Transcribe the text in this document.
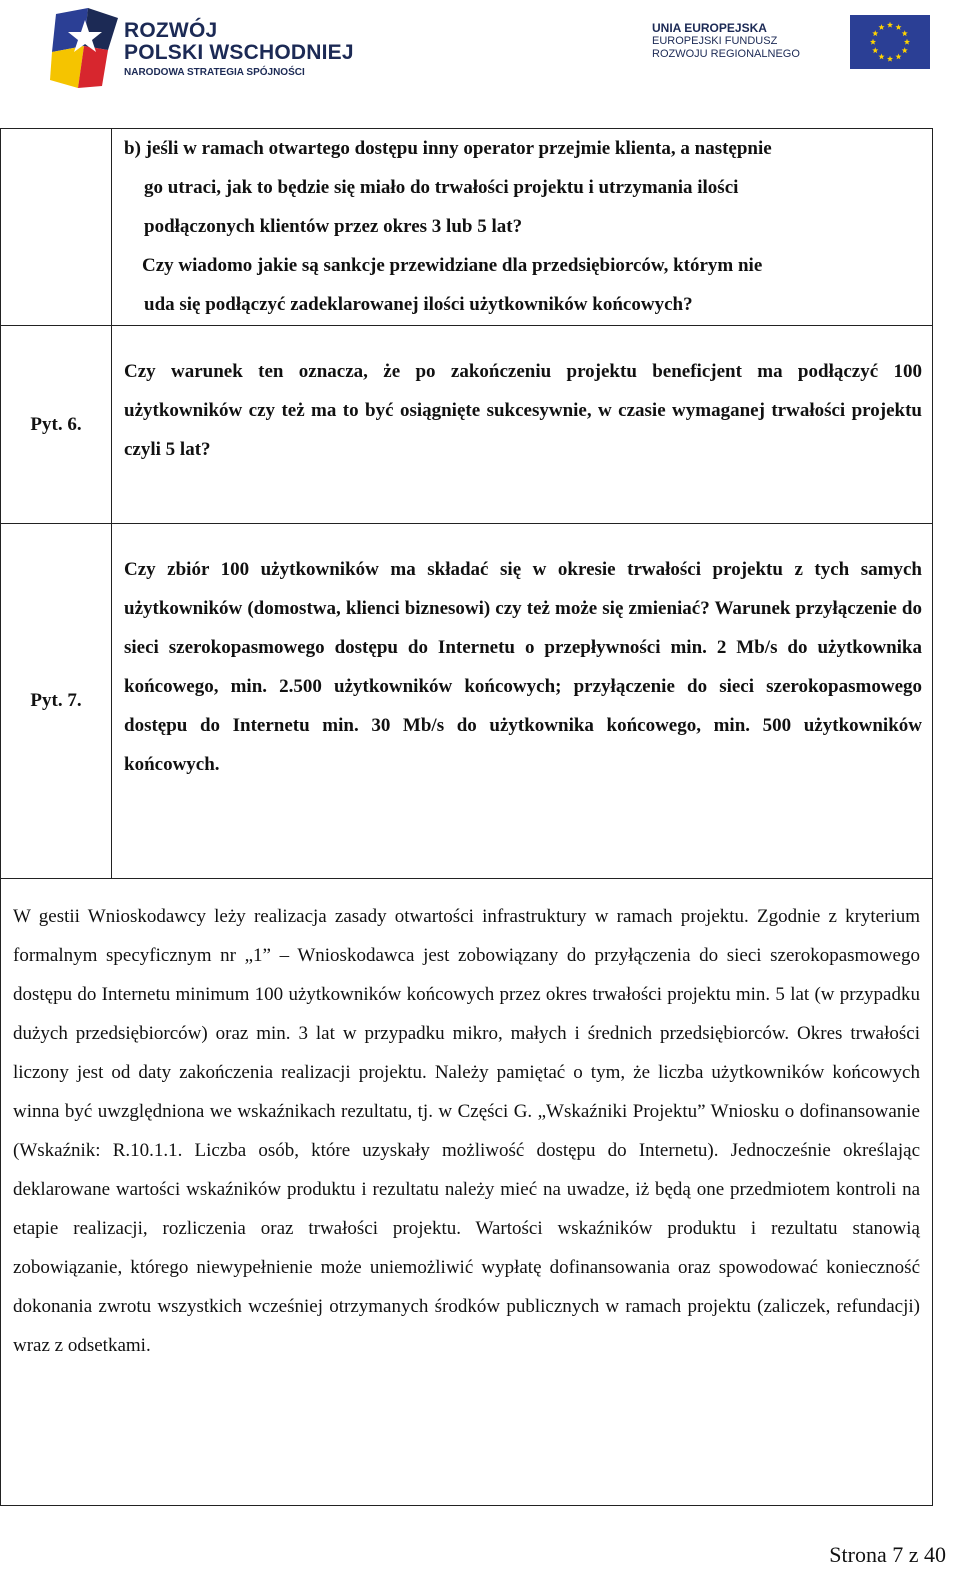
ROZWÓJ
POLSKI WSCHODNIEJ
NARODOWA STRATEGIA SPÓJNOŚCI
UNIA EUROPEJSKA
EUROPEJSKI FUNDUSZ
ROZWOJU REGIONALNEGO

	b) jeśli w ramach otwartego dostępu inny operator przejmie klienta, a następnie

go utraci, jak to będzie się miało do trwałości projektu i utrzymania ilości

podłączonych klientów przez okres 3 lub 5 lat?

Czy wiadomo jakie są sankcje przewidziane dla przedsiębiorców, którym nie

uda się podłączyć zadeklarowanej ilości użytkowników końcowych?

Pyt. 6.	Czy warunek ten oznacza, że po zakończeniu projektu beneficjent ma podłączyć 100 użytkowników czy też ma to być osiągnięte sukcesywnie, w czasie wymaganej trwałości projektu czyli 5 lat?

Pyt. 7.	Czy zbiór 100 użytkowników ma składać się w okresie trwałości projektu z tych samych użytkowników (domostwa, klienci biznesowi) czy też może się zmieniać? Warunek przyłączenie do sieci szerokopasmowego dostępu do Internetu o przepływności min. 2 Mb/s do użytkownika końcowego, min. 2.500 użytkowników końcowych; przyłączenie do sieci szerokopasmowego dostępu do Internetu min. 30 Mb/s do użytkownika końcowego, min. 500 użytkowników końcowych.

W gestii Wnioskodawcy leży realizacja zasady otwartości infrastruktury w ramach projektu. Zgodnie z kryterium formalnym specyficznym nr „1” – Wnioskodawca jest zobowiązany do przyłączenia do sieci szerokopasmowego dostępu do Internetu minimum 100 użytkowników końcowych przez okres trwałości projektu min. 5 lat (w przypadku dużych przedsiębiorców) oraz min. 3 lat w przypadku mikro, małych i średnich przedsiębiorców. Okres trwałości liczony jest od daty zakończenia realizacji projektu. Należy pamiętać o tym, że liczba użytkowników końcowych winna być uwzględniona we wskaźnikach rezultatu, tj. w Części G. „Wskaźniki Projektu” Wniosku o dofinansowanie (Wskaźnik: R.10.1.1. Liczba osób, które uzyskały możliwość dostępu do Internetu). Jednocześnie określając deklarowane wartości wskaźników produktu i rezultatu należy mieć na uwadze, iż będą one przedmiotem kontroli na etapie realizacji, rozliczenia oraz trwałości projektu. Wartości wskaźników produktu i rezultatu stanowią zobowiązanie, którego niewypełnienie może uniemożliwić wypłatę dofinansowania oraz spowodować konieczność dokonania zwrotu wszystkich wcześniej otrzymanych środków publicznych w ramach projektu (zaliczek, refundacji) wraz z odsetkami.	
Strona 7 z 40
